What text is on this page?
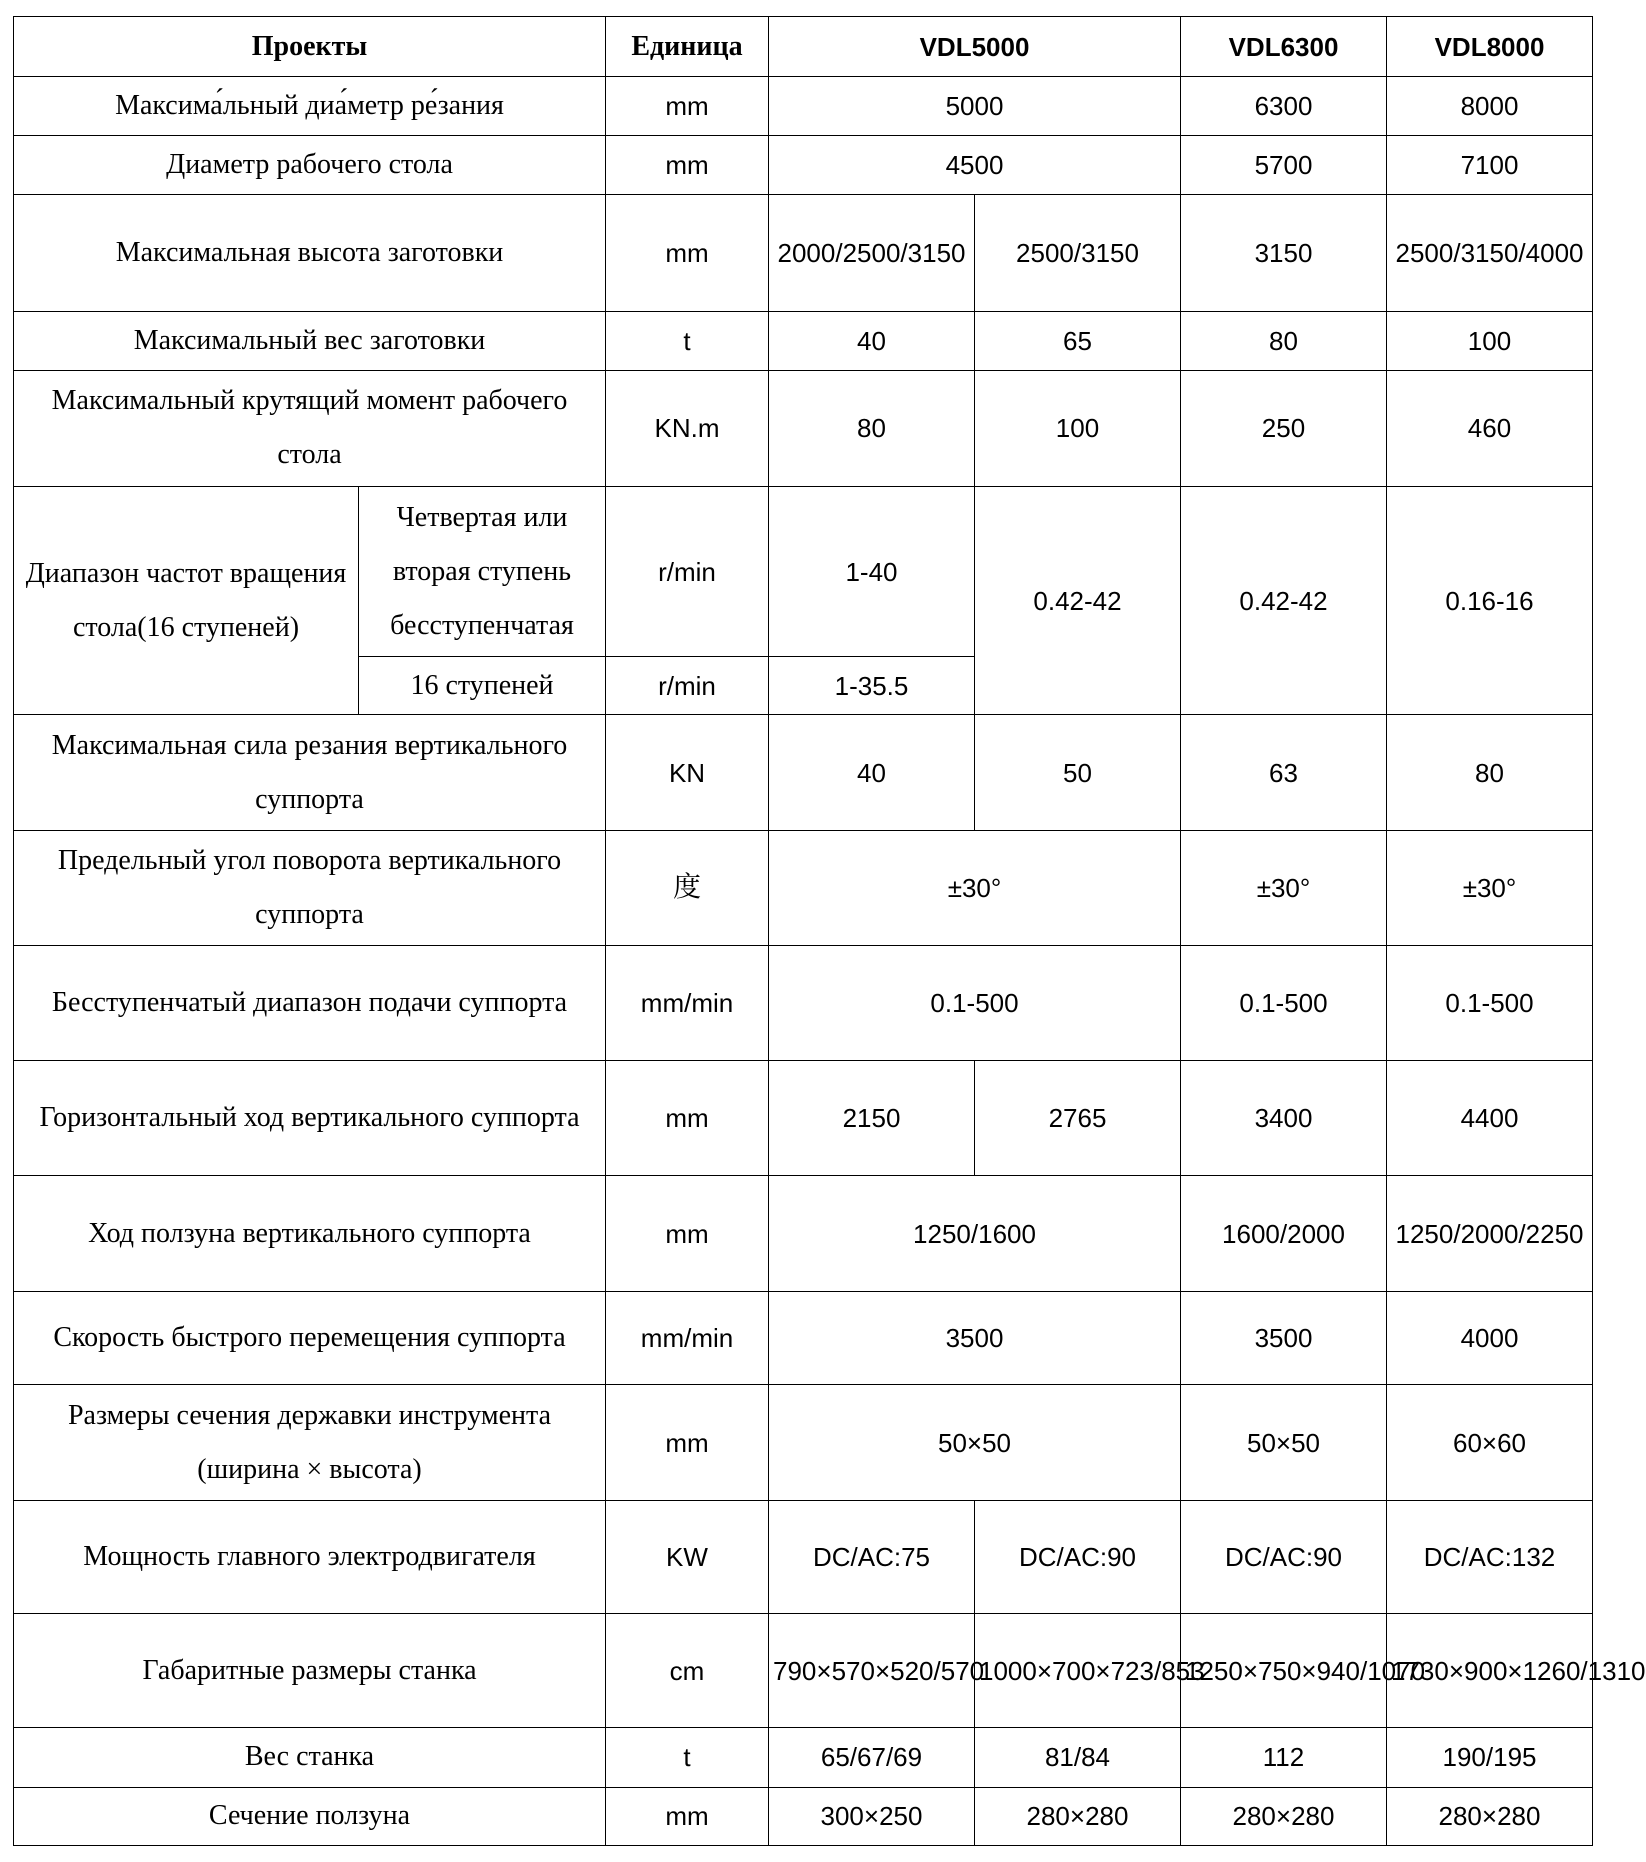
Проекты		Единица	VDL5000		VDL6300	VDL8000
Максима́льный диа́метр ре́зания		mm	5000		6300	8000
Диаметр рабочего стола		mm	4500		5700	7100
Максимальная высота заготовки		mm	2000/2500/3150	2500/3150	3150	2500/3150/4000
Максимальный вес заготовки		t	40	65	80	100
Максимальный крутящий момент рабочего стола		KN.m	80	100	250	460
Диапазон частот вращения стола(16 ступеней)	Четвертая или вторая ступень бесступенчатая	r/min	1-40	0.42-42	0.42-42	0.16-16
	16 ступеней	r/min	1-35.5			
Максимальная сила резания вертикального суппорта		KN	40	50	63	80
Предельный угол поворота вертикального суппорта		度	±30°		±30°	±30°
Бесступенчатый диапазон подачи суппорта		mm/min	0.1-500		0.1-500	0.1-500
Горизонтальный ход вертикального суппорта		mm	2150	2765	3400	4400
Ход ползуна вертикального суппорта		mm	1250/1600		1600/2000	1250/2000/2250
Скорость быстрого перемещения суппорта		mm/min	3500		3500	4000
Размеры сечения державки инструмента (ширина × высота)		mm	50×50		50×50	60×60
Мощность главного электродвигателя		KW	DC/AC:75	DC/AC:90	DC/AC:90	DC/AC:132
Габаритные размеры станка		cm	790×570×520/570	1000×700×723/853	1250×750×940/1070	1730×900×1260/1310
Вес станка		t	65/67/69	81/84	112	190/195
Сечение ползуна		mm	300×250	280×280	280×280	280×280
